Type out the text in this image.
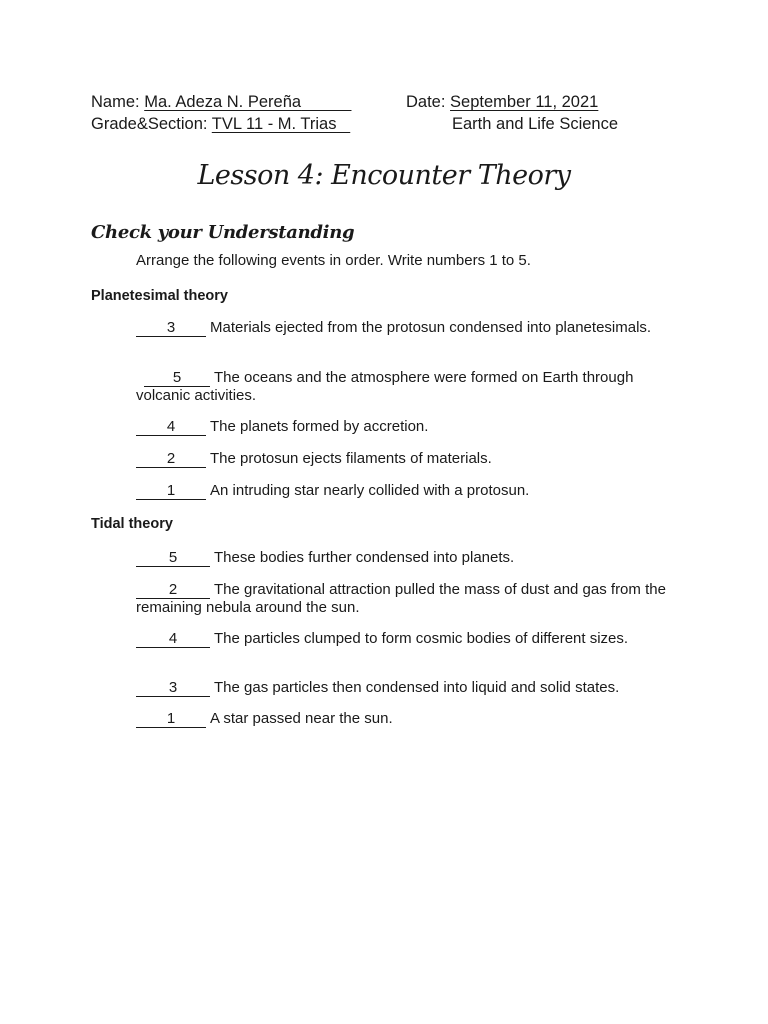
Name: Ma. Adeza N. Pereña	Date: September 11, 2021
Grade&Section: TVL 11 - M. Trias	Earth and Life Science
Lesson 4: Encounter Theory
Check your Understanding
Arrange the following events in order. Write numbers 1 to 5.
Planetesimal theory
3 Materials ejected from the protosun condensed into planetesimals.
5 The oceans and the atmosphere were formed on Earth through volcanic activities.
4 The planets formed by accretion.
2 The protosun ejects filaments of materials.
1 An intruding star nearly collided with a protosun.
Tidal theory
5 These bodies further condensed into planets.
2 The gravitational attraction pulled the mass of dust and gas from the remaining nebula around the sun.
4 The particles clumped to form cosmic bodies of different sizes.
3 The gas particles then condensed into liquid and solid states.
1 A star passed near the sun.
